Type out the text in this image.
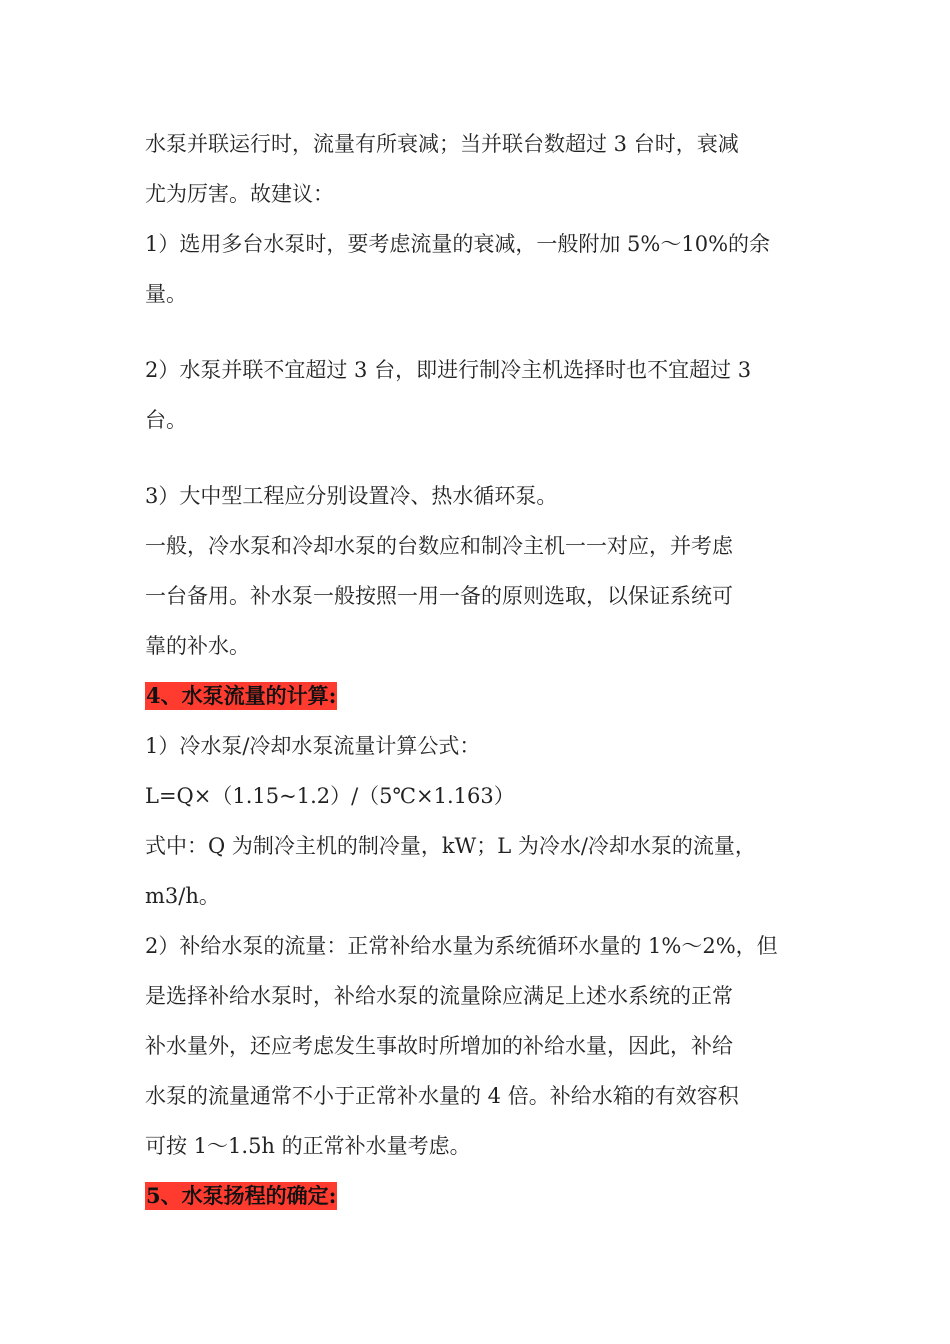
水泵并联运行时，流量有所衰减；当并联台数超过 3 台时，衰减

尤为厉害。故建议：

1）选用多台水泵时，要考虑流量的衰减，一般附加 5%～10%的余

量。

2）水泵并联不宜超过 3 台，即进行制冷主机选择时也不宜超过 3

台。

3）大中型工程应分别设置冷、热水循环泵。

一般，冷水泵和冷却水泵的台数应和制冷主机一一对应，并考虑

一台备用。补水泵一般按照一用一备的原则选取，以保证系统可

靠的补水。

4、水泵流量的计算:

1）冷水泵/冷却水泵流量计算公式：

L=Q×（1.15~1.2）/（5℃×1.163）

式中：Q 为制冷主机的制冷量，kW；L 为冷水/冷却水泵的流量，

m3/h。

2）补给水泵的流量：正常补给水量为系统循环水量的 1%～2%，但

是选择补给水泵时，补给水泵的流量除应满足上述水系统的正常

补水量外，还应考虑发生事故时所增加的补给水量，因此，补给

水泵的流量通常不小于正常补水量的 4 倍。补给水箱的有效容积

可按 1～1.5h 的正常补水量考虑。

5、水泵扬程的确定:
